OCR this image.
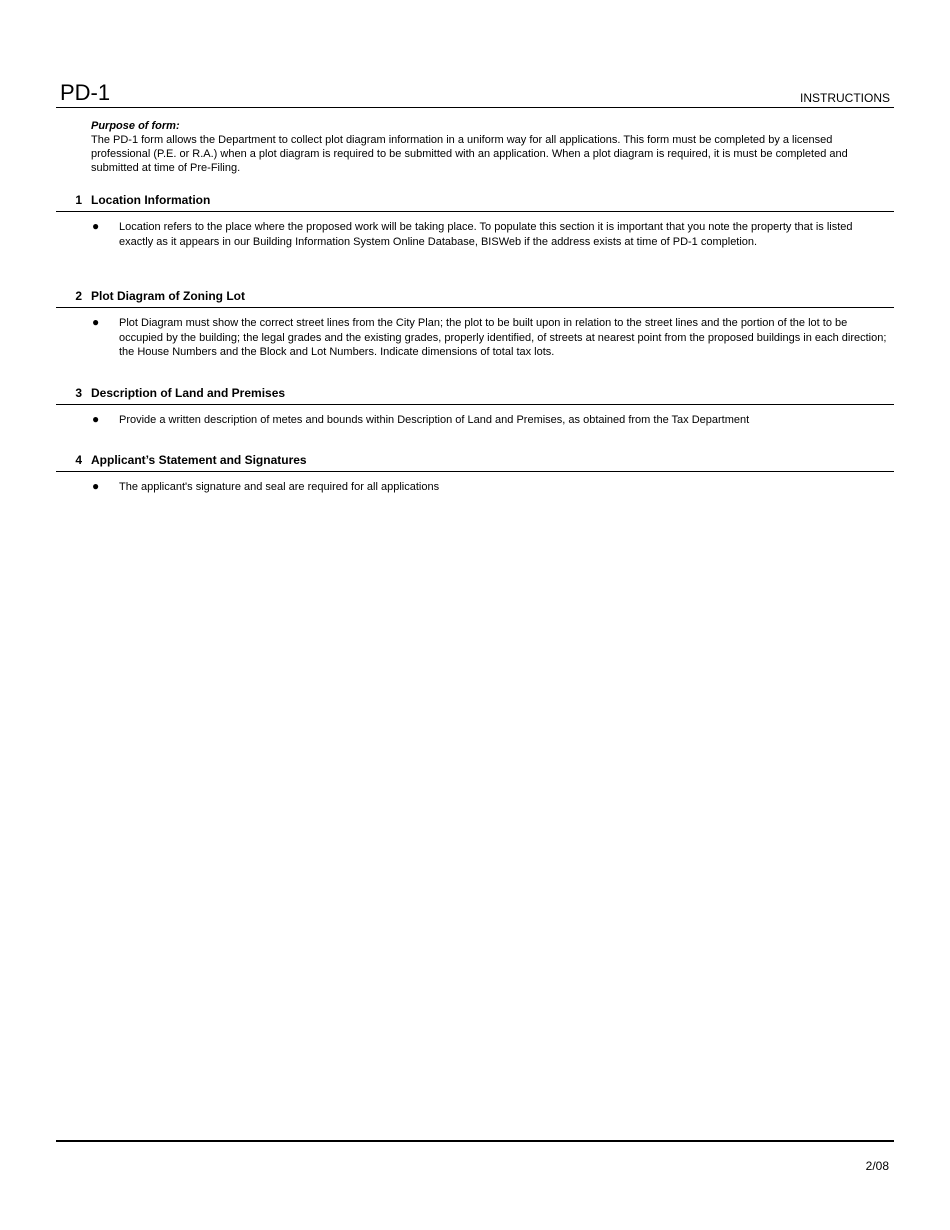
PD-1	INSTRUCTIONS
Purpose of form:
The PD-1 form allows the Department to collect plot diagram information in a uniform way for all applications. This form must be completed by a licensed professional (P.E. or R.A.) when a plot diagram is required to be submitted with an application. When a plot diagram is required, it is must be completed and submitted at time of Pre-Filing.
1 Location Information
● Location refers to the place where the proposed work will be taking place. To populate this section it is important that you note the property that is listed exactly as it appears in our Building Information System Online Database, BISWeb if the address exists at time of PD-1 completion.
2 Plot Diagram of Zoning Lot
● Plot Diagram must show the correct street lines from the City Plan; the plot to be built upon in relation to the street lines and the portion of the lot to be occupied by the building; the legal grades and the existing grades, properly identified, of streets at nearest point from the proposed buildings in each direction; the House Numbers and the Block and Lot Numbers. Indicate dimensions of total tax lots.
3 Description of Land and Premises
● Provide a written description of metes and bounds within Description of Land and Premises, as obtained from the Tax Department
4 Applicant’s Statement and Signatures
● The applicant's signature and seal are required for all applications
2/08
